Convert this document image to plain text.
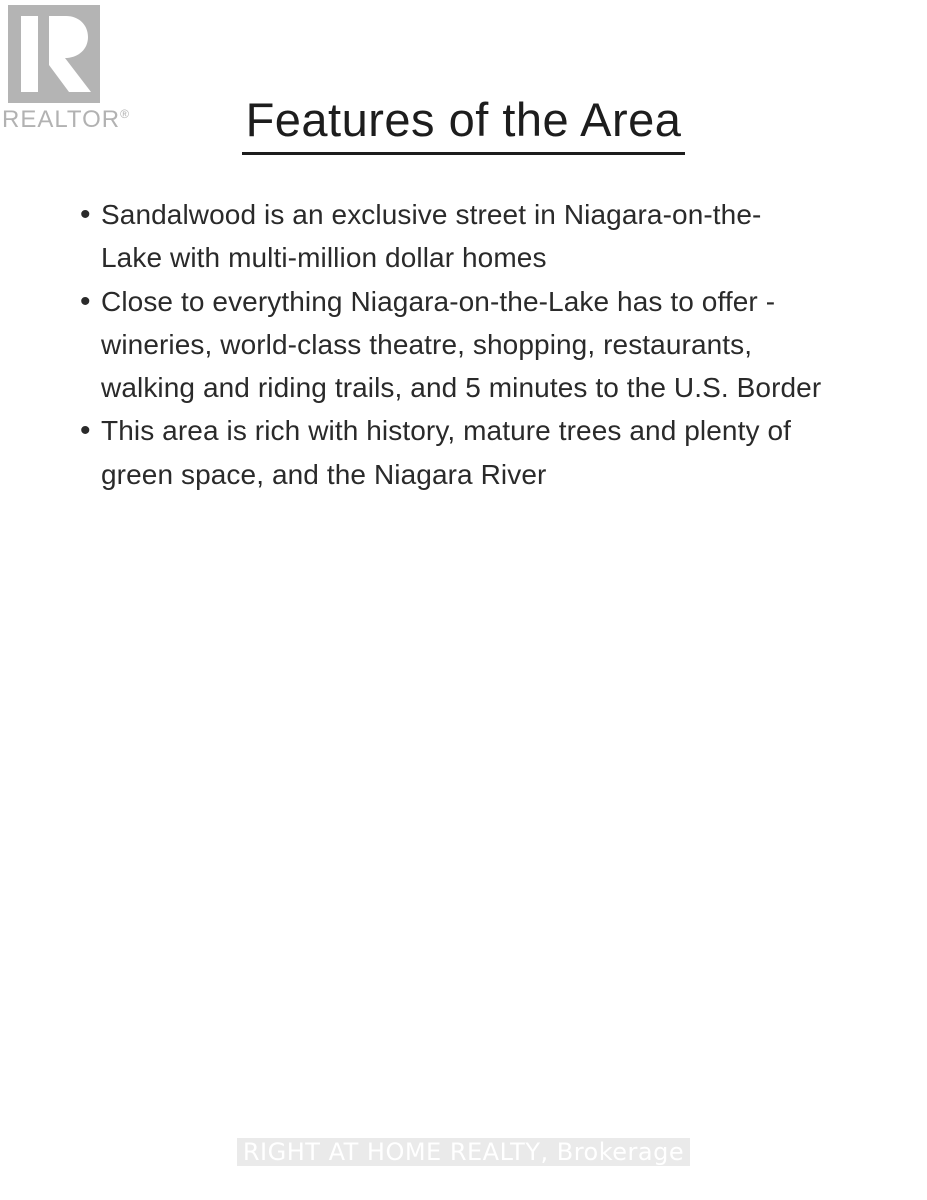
REALTOR®	Features of the Area
• Sandalwood is an exclusive street in Niagara-on-the-Lake with multi-million dollar homes
• Close to everything Niagara-on-the-Lake has to offer - wineries, world-class theatre, shopping, restaurants, walking and riding trails, and 5 minutes to the U.S. Border
• This area is rich with history, mature trees and plenty of green space, and the Niagara River
RIGHT AT HOME REALTY, Brokerage
